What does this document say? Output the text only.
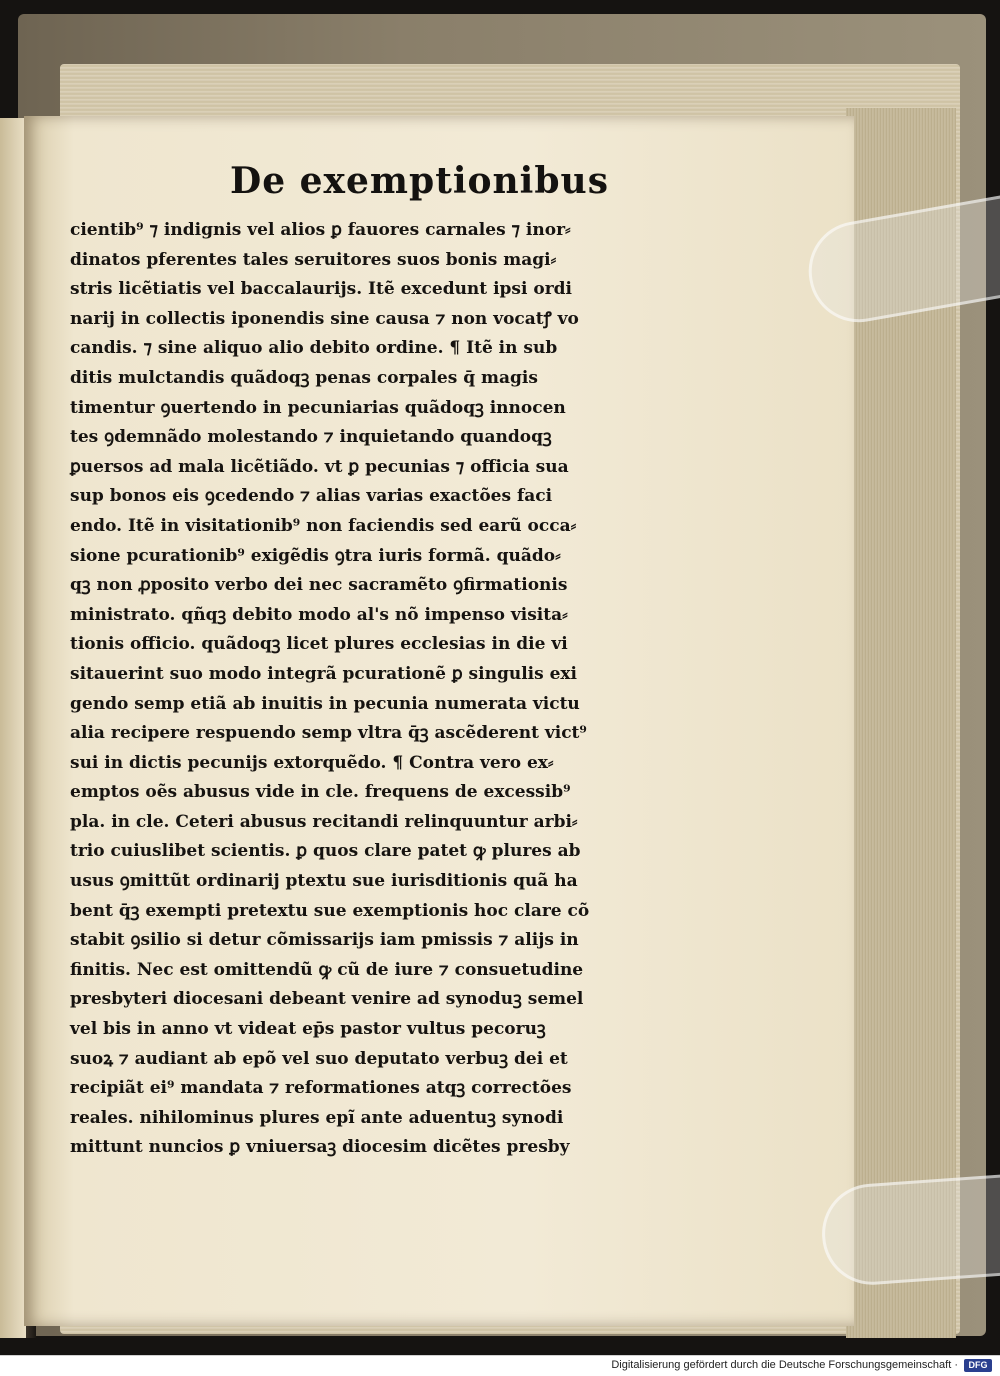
De exemptionibus
cientib⁹ ⁊ indignis vel alios ꝑ fauores carnales ⁊ inor⸗
dinatos pferentes tales seruitores suos bonis magi⸗
stris licẽtiatis vel baccalaurijs. Itẽ excedunt ipsi ordi
narij in collectis iponendis sine causa ⁊ non vocatꝭ vo
candis. ⁊ sine aliquo alio debito ordine. ¶ Itẽ in sub
ditis mulctandis quãdoqꝫ penas corpales q̄ magis
timentur ꝯuertendo in pecuniarias quãdoqꝫ innocen
tes ꝯdemnãdo molestando ⁊ inquietando quandoqꝫ
ꝑuersos ad mala licẽtiãdo. vt ꝑ pecunias ⁊ officia sua
sup bonos eis ꝯcedendo ⁊ alias varias exactões faci
endo. Itẽ in visitationib⁹ non faciendis sed earũ occa⸗
sione pcurationib⁹ exigẽdis ꝯtra iuris formã. quãdo⸗
qꝫ non ꝓposito verbo dei nec sacramẽto ꝯfirmationis
ministrato. qñqꝫ debito modo al's nõ impenso visita⸗
tionis officio. quãdoqꝫ licet plures ecclesias in die vi
sitauerint suo modo integrã pcurationẽ ꝑ singulis exi
gendo semp etiã ab inuitis in pecunia numerata victu
alia recipere respuendo semp vltra q̄ꝫ ascẽderent vict⁹
sui in dictis pecunijs extorquẽdo. ¶ Contra vero ex⸗
emptos oẽs abusus vide in cle. frequens de excessib⁹
pla. in cle. Ceteri abusus recitandi relinquuntur arbi⸗
trio cuiuslibet scientis. ꝑ quos clare patet ꝙ plures ab
usus ꝯmittũt ordinarij ptextu sue iurisditionis quã ha
bent q̄ꝫ exempti pretextu sue exemptionis hoc clare cõ
stabit ꝯsilio si detur cõmissarijs iam pmissis ⁊ alijs in
finitis. Nec est omittendũ ꝙ cũ de iure ⁊ consuetudine
presbyteri diocesani debeant venire ad synoduꝫ semel
vel bis in anno vt videat ep̄s pastor vultus pecoruꝫ
suoꝝ ⁊ audiant ab epõ vel suo deputato verbuꝫ dei et
recipiãt ei⁹ mandata ⁊ reformationes atqꝫ correctões
reales. nihilominus plures epĩ ante aduentuꝫ synodi
mittunt nuncios ꝑ vniuersaꝫ diocesim dicẽtes presby
Digitalisierung gefördert durch die Deutsche Forschungsgemeinschaft ·	DFG
